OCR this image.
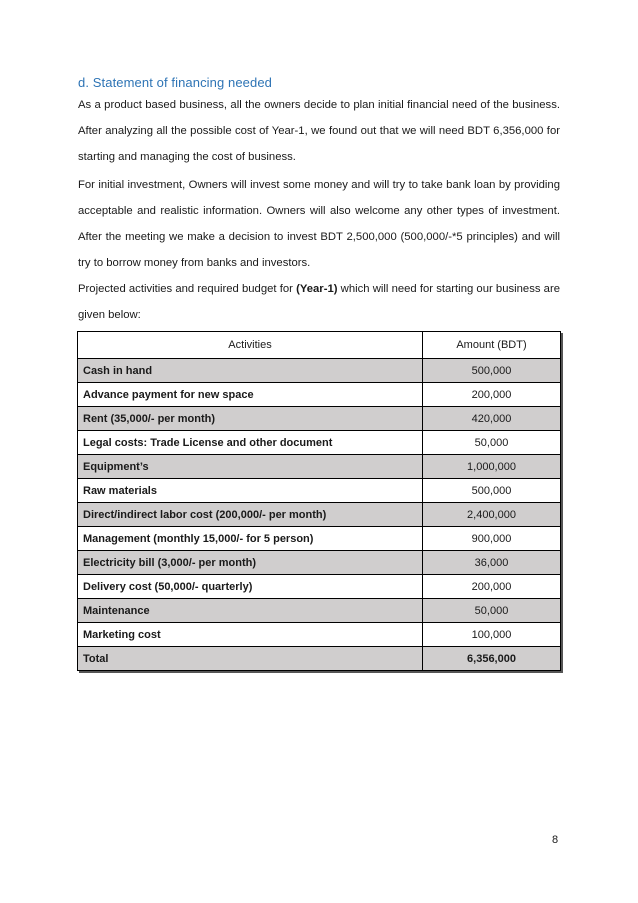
d. Statement of financing needed

As a product based business, all the owners decide to plan initial financial need of the business. After analyzing all the possible cost of Year-1, we found out that we will need BDT 6,356,000 for starting and managing the cost of business.

For initial investment, Owners will invest some money and will try to take bank loan by providing acceptable and realistic information. Owners will also welcome any other types of investment. After the meeting we make a decision to invest BDT 2,500,000 (500,000/-*5 principles) and will try to borrow money from banks and investors.

Projected activities and required budget for (Year-1) which will need for starting our business are given below:

Activities	Amount (BDT)
Cash in hand	500,000
Advance payment for new space	200,000
Rent (35,000/- per month)	420,000
Legal costs: Trade License and other document	50,000
Equipment’s	1,000,000
Raw materials	500,000
Direct/indirect labor cost (200,000/- per month)	2,400,000
Management (monthly 15,000/- for 5 person)	900,000
Electricity bill (3,000/- per month)	36,000
Delivery cost (50,000/- quarterly)	200,000
Maintenance	50,000
Marketing cost	100,000
Total	6,356,000
8
